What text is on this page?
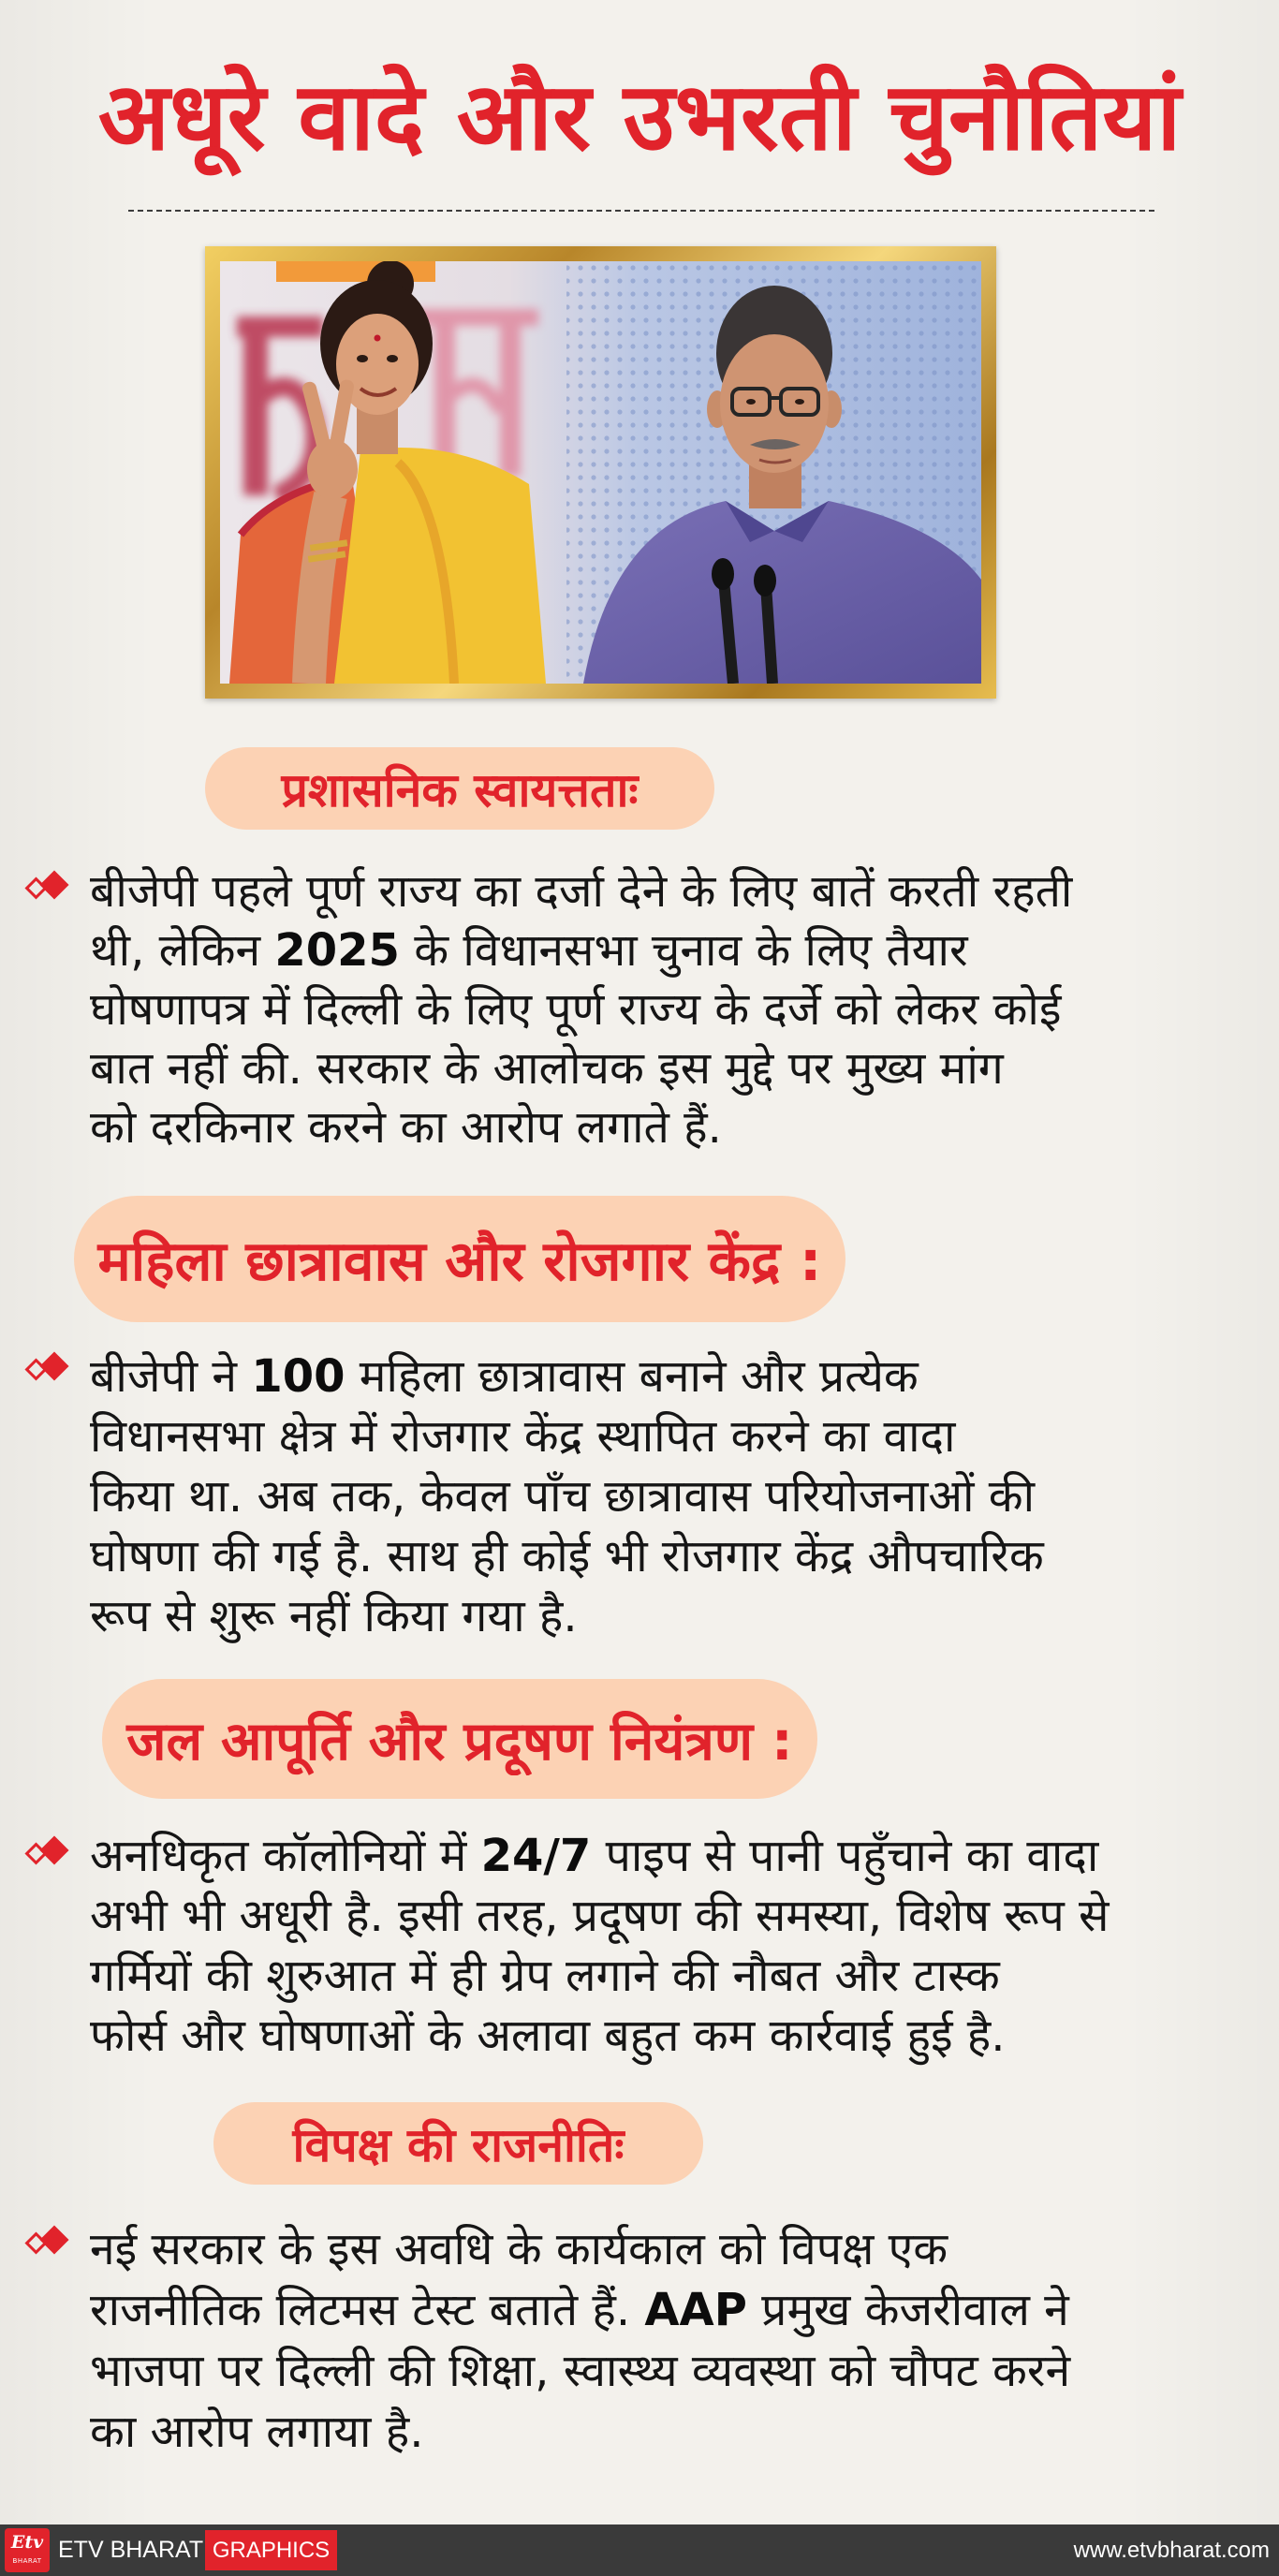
अधूरे वादे और उभरती चुनौतियां
प्रशासनिक स्वायत्तताः
बीजेपी पहले पूर्ण राज्य का दर्जा देने के लिए बातें करती रहती
थी, लेकिन 2025 के विधानसभा चुनाव के लिए तैयार
घोषणापत्र में दिल्ली के लिए पूर्ण राज्य के दर्जे को लेकर कोई
बात नहीं की. सरकार के आलोचक इस मुद्दे पर मुख्य मांग
को दरकिनार करने का आरोप लगाते हैं.
महिला छात्रावास और रोजगार केंद्र :
बीजेपी ने 100 महिला छात्रावास बनाने और प्रत्येक
विधानसभा क्षेत्र में रोजगार केंद्र स्थापित करने का वादा
किया था. अब तक, केवल पाँच छात्रावास परियोजनाओं की
घोषणा की गई है. साथ ही कोई भी रोजगार केंद्र औपचारिक
रूप से शुरू नहीं किया गया है.
जल आपूर्ति और प्रदूषण नियंत्रण :
अनधिकृत कॉलोनियों में 24/7 पाइप से पानी पहुँचाने का वादा
अभी भी अधूरी है. इसी तरह, प्रदूषण की समस्या, विशेष रूप से
गर्मियों की शुरुआत में ही ग्रेप लगाने की नौबत और टास्क
फोर्स और घोषणाओं के अलावा बहुत कम कार्रवाई हुई है.
विपक्ष की राजनीतिः
नई सरकार के इस अवधि के कार्यकाल को विपक्ष एक
राजनीतिक लिटमस टेस्ट बताते हैं. AAP प्रमुख केजरीवाल ने
भाजपा पर दिल्ली की शिक्षा, स्वास्थ्य व्यवस्था को चौपट करने
का आरोप लगाया है.
Etv
BHARAT ETV BHARAT GRAPHICS	www.etvbharat.com
